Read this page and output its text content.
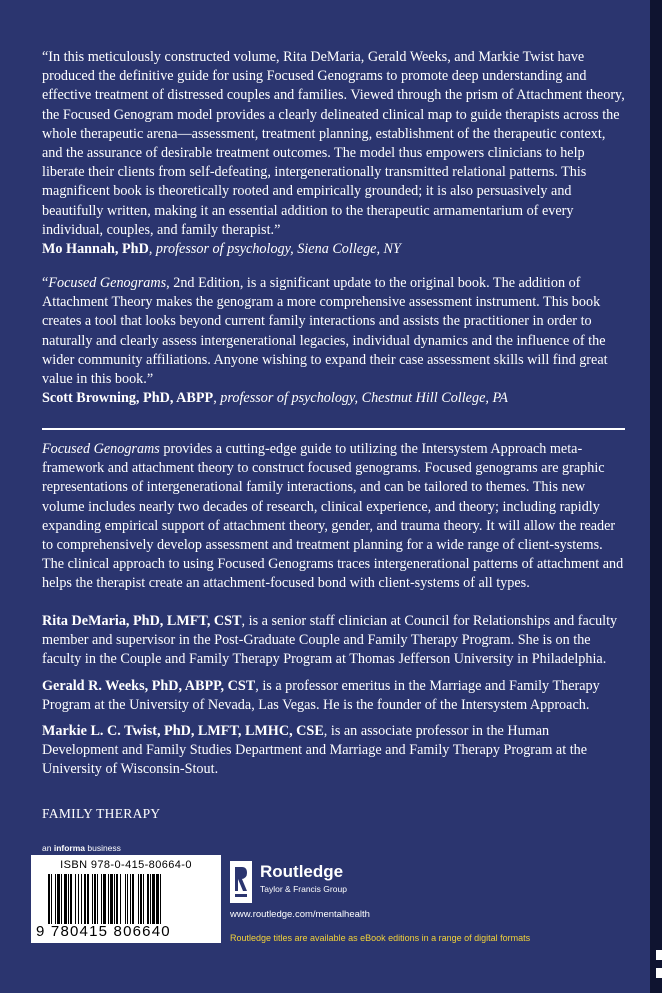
“In this meticulously constructed volume, Rita DeMaria, Gerald Weeks, and Markie Twist have produced the definitive guide for using Focused Genograms to promote deep understanding and effective treatment of distressed couples and families. Viewed through the prism of Attachment theory, the Focused Genogram model provides a clearly delineated clinical map to guide therapists across the whole therapeutic arena—assessment, treatment planning, establishment of the therapeutic context, and the assurance of desirable treatment outcomes. The model thus empowers clinicians to help liberate their clients from self-defeating, intergenerationally transmitted relational patterns. This magnificent book is theoretically rooted and empirically grounded; it is also persuasively and beautifully written, making it an essential addition to the therapeutic armamentarium of every individual, couples, and family therapist.”
Mo Hannah, PhD, professor of psychology, Siena College, NY
“Focused Genograms, 2nd Edition, is a significant update to the original book. The addition of Attachment Theory makes the genogram a more comprehensive assessment instrument. This book creates a tool that looks beyond current family interactions and assists the practitioner in order to naturally and clearly assess intergenerational legacies, individual dynamics and the influence of the wider community affiliations. Anyone wishing to expand their case assessment skills will find great value in this book.”
Scott Browning, PhD, ABPP, professor of psychology, Chestnut Hill College, PA
Focused Genograms provides a cutting-edge guide to utilizing the Intersystem Approach meta-framework and attachment theory to construct focused genograms. Focused genograms are graphic representations of intergenerational family interactions, and can be tailored to themes. This new volume includes nearly two decades of research, clinical experience, and theory; including rapidly expanding empirical support of attachment theory, gender, and trauma theory. It will allow the reader to comprehensively develop assessment and treatment planning for a wide range of client-systems. The clinical approach to using Focused Genograms traces intergenerational patterns of attachment and helps the therapist create an attachment-focused bond with client-systems of all types.
Rita DeMaria, PhD, LMFT, CST, is a senior staff clinician at Council for Relationships and faculty member and supervisor in the Post-Graduate Couple and Family Therapy Program. She is on the faculty in the Couple and Family Therapy Program at Thomas Jefferson University in Philadelphia.
Gerald R. Weeks, PhD, ABPP, CST, is a professor emeritus in the Marriage and Family Therapy Program at the University of Nevada, Las Vegas. He is the founder of the Intersystem Approach.
Markie L. C. Twist, PhD, LMFT, LMHC, CSE, is an associate professor in the Human Development and Family Studies Department and Marriage and Family Therapy Program at the University of Wisconsin-Stout.
FAMILY THERAPY
an informa business
ISBN 978-0-415-80664-0
9 780415 806640
Routledge
Taylor & Francis Group
www.routledge.com/mentalhealth
Routledge titles are available as eBook editions in a range of digital formats
